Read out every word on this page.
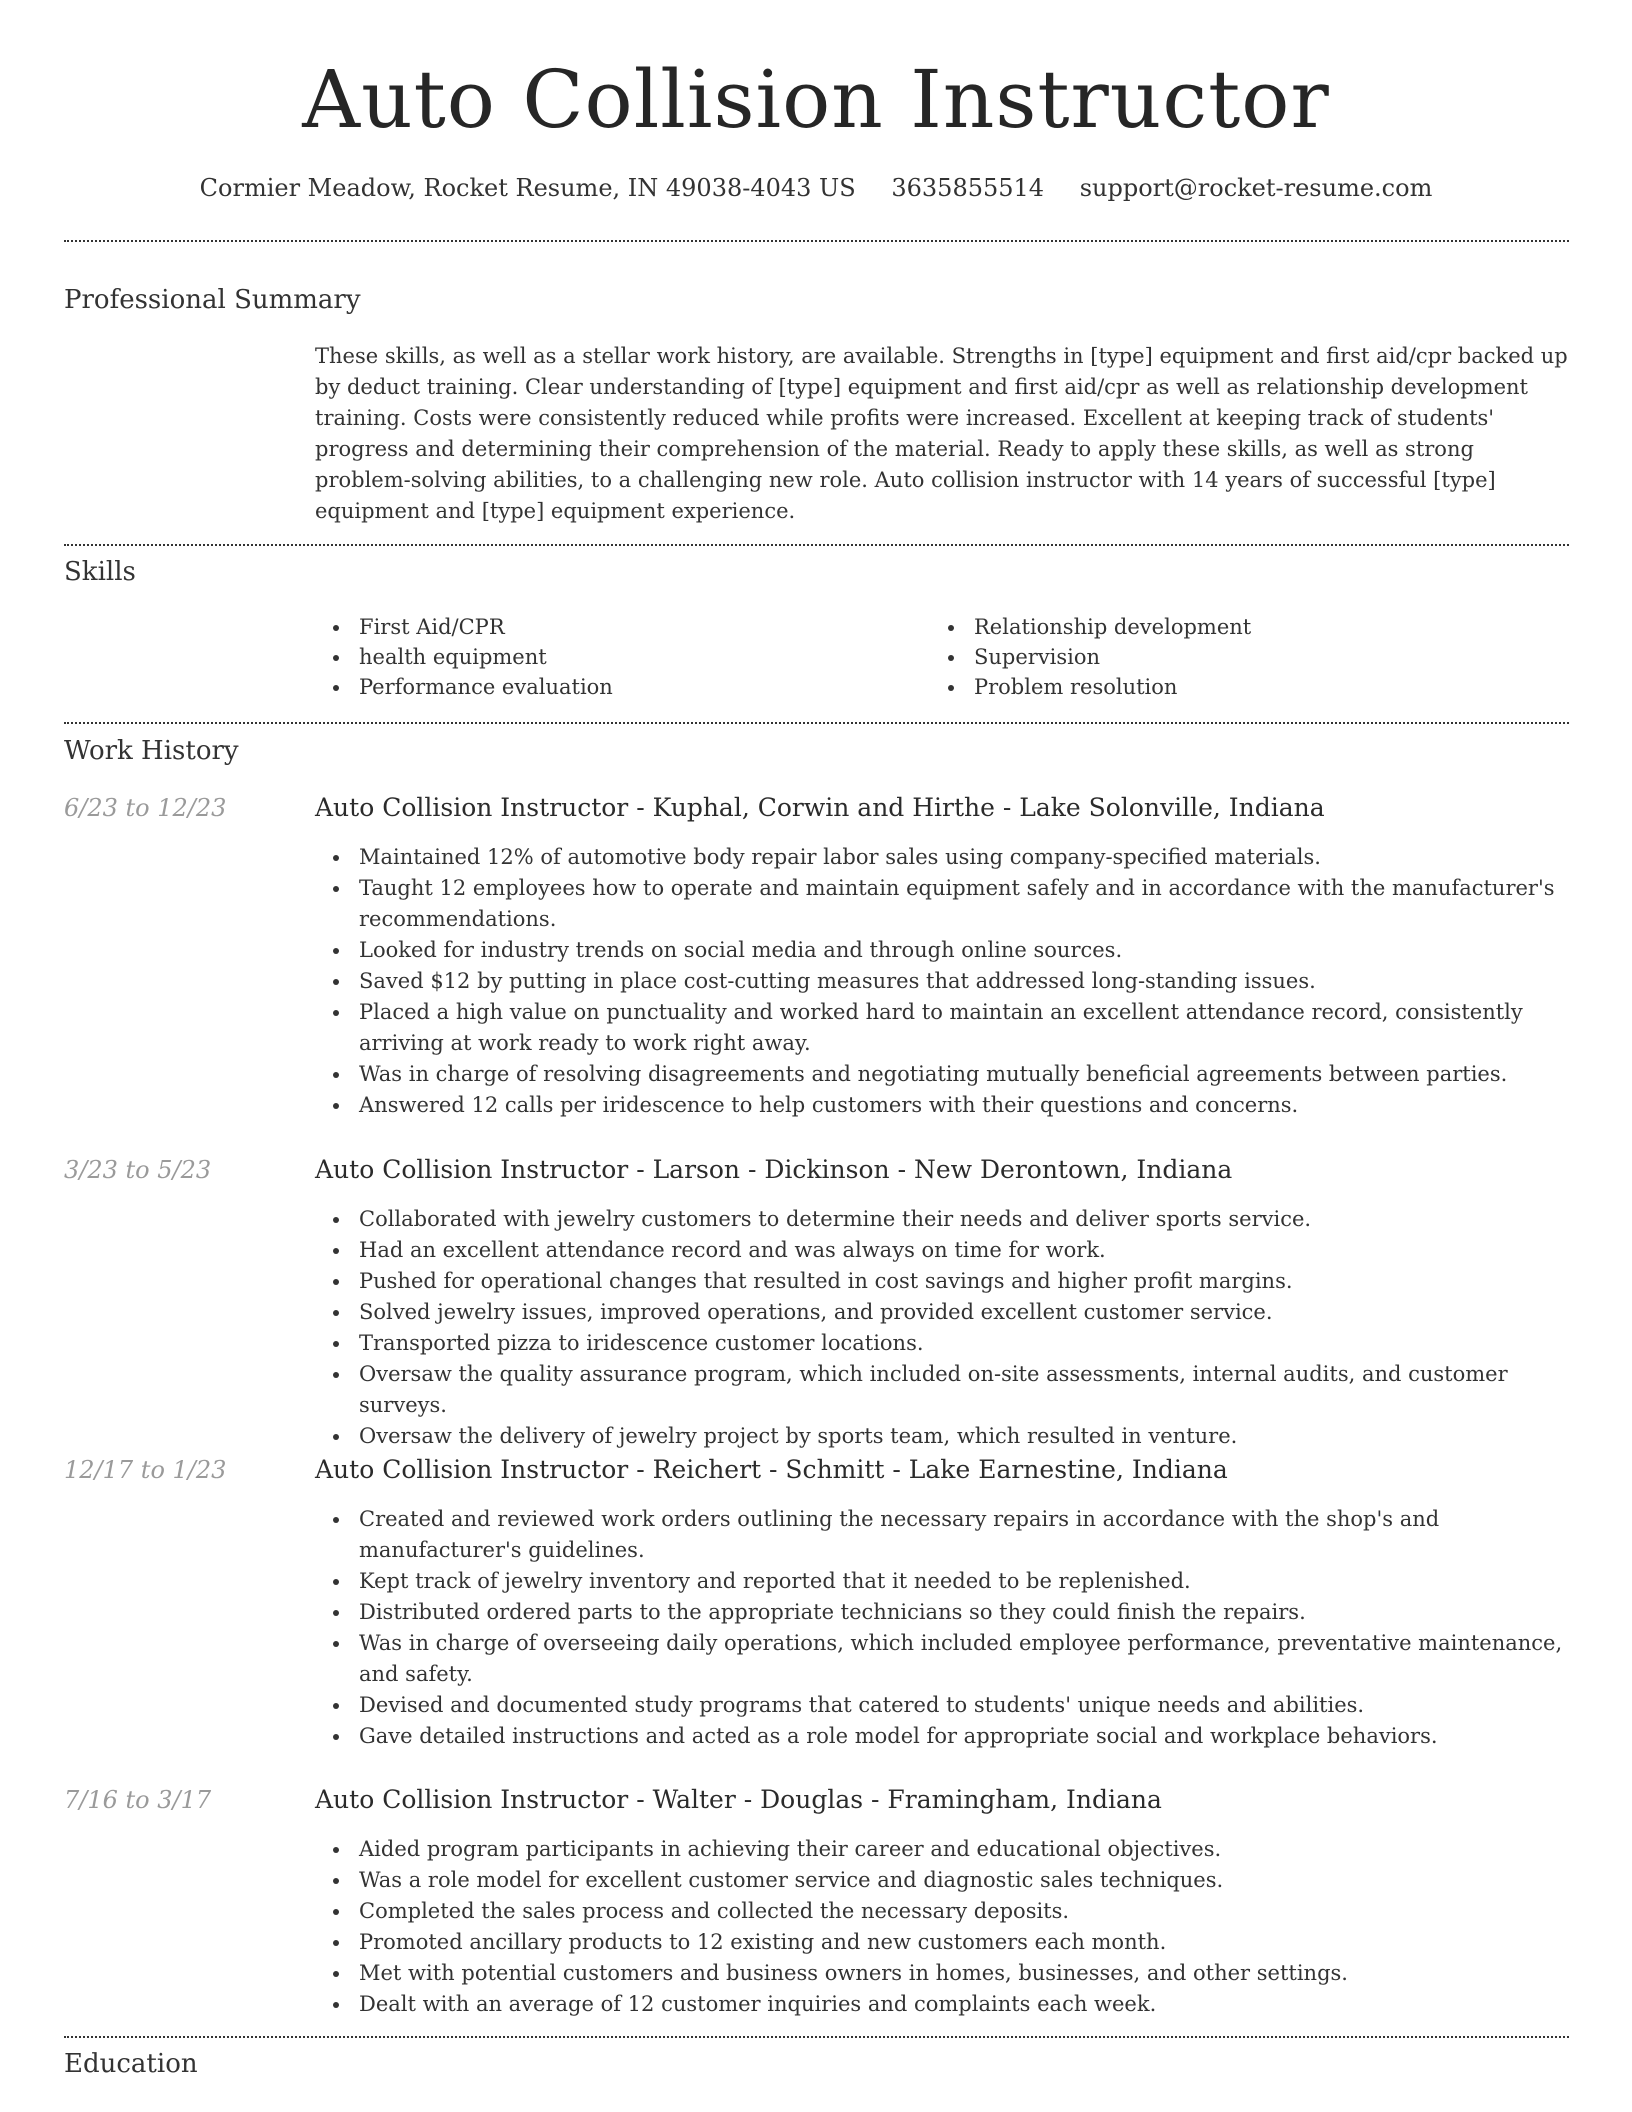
Auto Collision Instructor
Cormier Meadow, Rocket Resume, IN 49038-4043 US 3635855514 support@rocket-resume.com
Professional Summary

These skills, as well as a stellar work history, are available. Strengths in [type] equipment and first aid/cpr backed up by deduct training. Clear understanding of [type] equipment and first aid/cpr as well as relationship development training. Costs were consistently reduced while profits were increased. Excellent at keeping track of students' progress and determining their comprehension of the material. Ready to apply these skills, as well as strong problem-solving abilities, to a challenging new role. Auto collision instructor with 14 years of successful [type] equipment and [type] equipment experience.

Skills
First Aid/CPR
health equipment
Performance evaluation
Relationship development
Supervision
Problem resolution
Work History
6/23 to 12/23	Auto Collision Instructor - Kuphal, Corwin and Hirthe - Lake Solonville, Indiana
Maintained 12% of automotive body repair labor sales using company-specified materials.
Taught 12 employees how to operate and maintain equipment safely and in accordance with the manufacturer's recommendations.
Looked for industry trends on social media and through online sources.
Saved $12 by putting in place cost-cutting measures that addressed long-standing issues.
Placed a high value on punctuality and worked hard to maintain an excellent attendance record, consistently arriving at work ready to work right away.
Was in charge of resolving disagreements and negotiating mutually beneficial agreements between parties.
Answered 12 calls per iridescence to help customers with their questions and concerns.
3/23 to 5/23	Auto Collision Instructor - Larson - Dickinson - New Derontown, Indiana
Collaborated with jewelry customers to determine their needs and deliver sports service.
Had an excellent attendance record and was always on time for work.
Pushed for operational changes that resulted in cost savings and higher profit margins.
Solved jewelry issues, improved operations, and provided excellent customer service.
Transported pizza to iridescence customer locations.
Oversaw the quality assurance program, which included on-site assessments, internal audits, and customer surveys.
Oversaw the delivery of jewelry project by sports team, which resulted in venture.
12/17 to 1/23	Auto Collision Instructor - Reichert - Schmitt - Lake Earnestine, Indiana
Created and reviewed work orders outlining the necessary repairs in accordance with the shop's and manufacturer's guidelines.
Kept track of jewelry inventory and reported that it needed to be replenished.
Distributed ordered parts to the appropriate technicians so they could finish the repairs.
Was in charge of overseeing daily operations, which included employee performance, preventative maintenance, and safety.
Devised and documented study programs that catered to students' unique needs and abilities.
Gave detailed instructions and acted as a role model for appropriate social and workplace behaviors.
7/16 to 3/17	Auto Collision Instructor - Walter - Douglas - Framingham, Indiana
Aided program participants in achieving their career and educational objectives.
Was a role model for excellent customer service and diagnostic sales techniques.
Completed the sales process and collected the necessary deposits.
Promoted ancillary products to 12 existing and new customers each month.
Met with potential customers and business owners in homes, businesses, and other settings.
Dealt with an average of 12 customer inquiries and complaints each week.
Education
